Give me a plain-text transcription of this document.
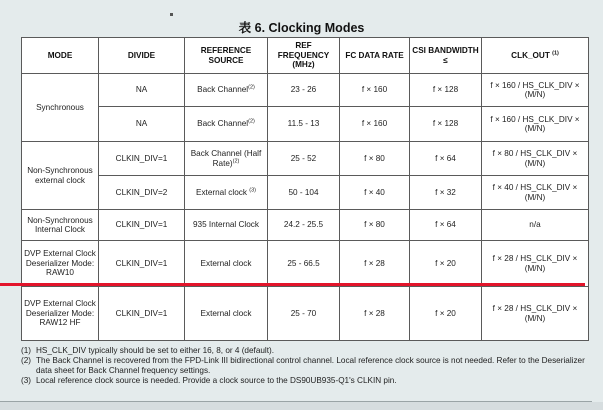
表 6. Clocking Modes
MODE	DIVIDE	REFERENCE SOURCE	REF FREQUENCY (MHz)	FC DATA RATE	CSI BANDWIDTH ≤	CLK_OUT $^{(1)}$
Synchronous	NA	Back Channel$^{(2)}$	23 - 26	f × 160	f × 128	f × 160 / HS_CLK_DIV × (M/N)
	NA	Back Channel$^{(2)}$	11.5 - 13	f × 160	f × 128	f × 160 / HS_CLK_DIV × (M/N)
Non-Synchronous external clock	CLKIN_DIV=1	Back Channel (Half Rate)$^{(2)}$	25 - 52	f × 80	f × 64	f × 80 / HS_CLK_DIV × (M/N)
	CLKIN_DIV=2	External clock $^{(3)}$	50 - 104	f × 40	f × 32	f × 40 / HS_CLK_DIV × (M/N)
Non-Synchronous Internal Clock	CLKIN_DIV=1	935 Internal Clock	24.2 - 25.5	f × 80	f × 64	n/a
DVP External Clock Deserializer Mode: RAW10	CLKIN_DIV=1	External clock	25 - 66.5	f × 28	f × 20	f × 28 / HS_CLK_DIV × (M/N)
DVP External Clock Deserializer Mode: RAW12 HF	CLKIN_DIV=1	External clock	25 - 70	f × 28	f × 20	f × 28 / HS_CLK_DIV × (M/N)
(1) HS_CLK_DIV typically should be set to either 16, 8, or 4 (default).
(2) The Back Channel is recovered from the FPD-Link III bidirectional control channel. Local reference clock source is not needed. Refer to the Deserializer data sheet for Back Channel frequency settings.
(3) Local reference clock source is needed. Provide a clock source to the DS90UB935-Q1's CLKIN pin.
